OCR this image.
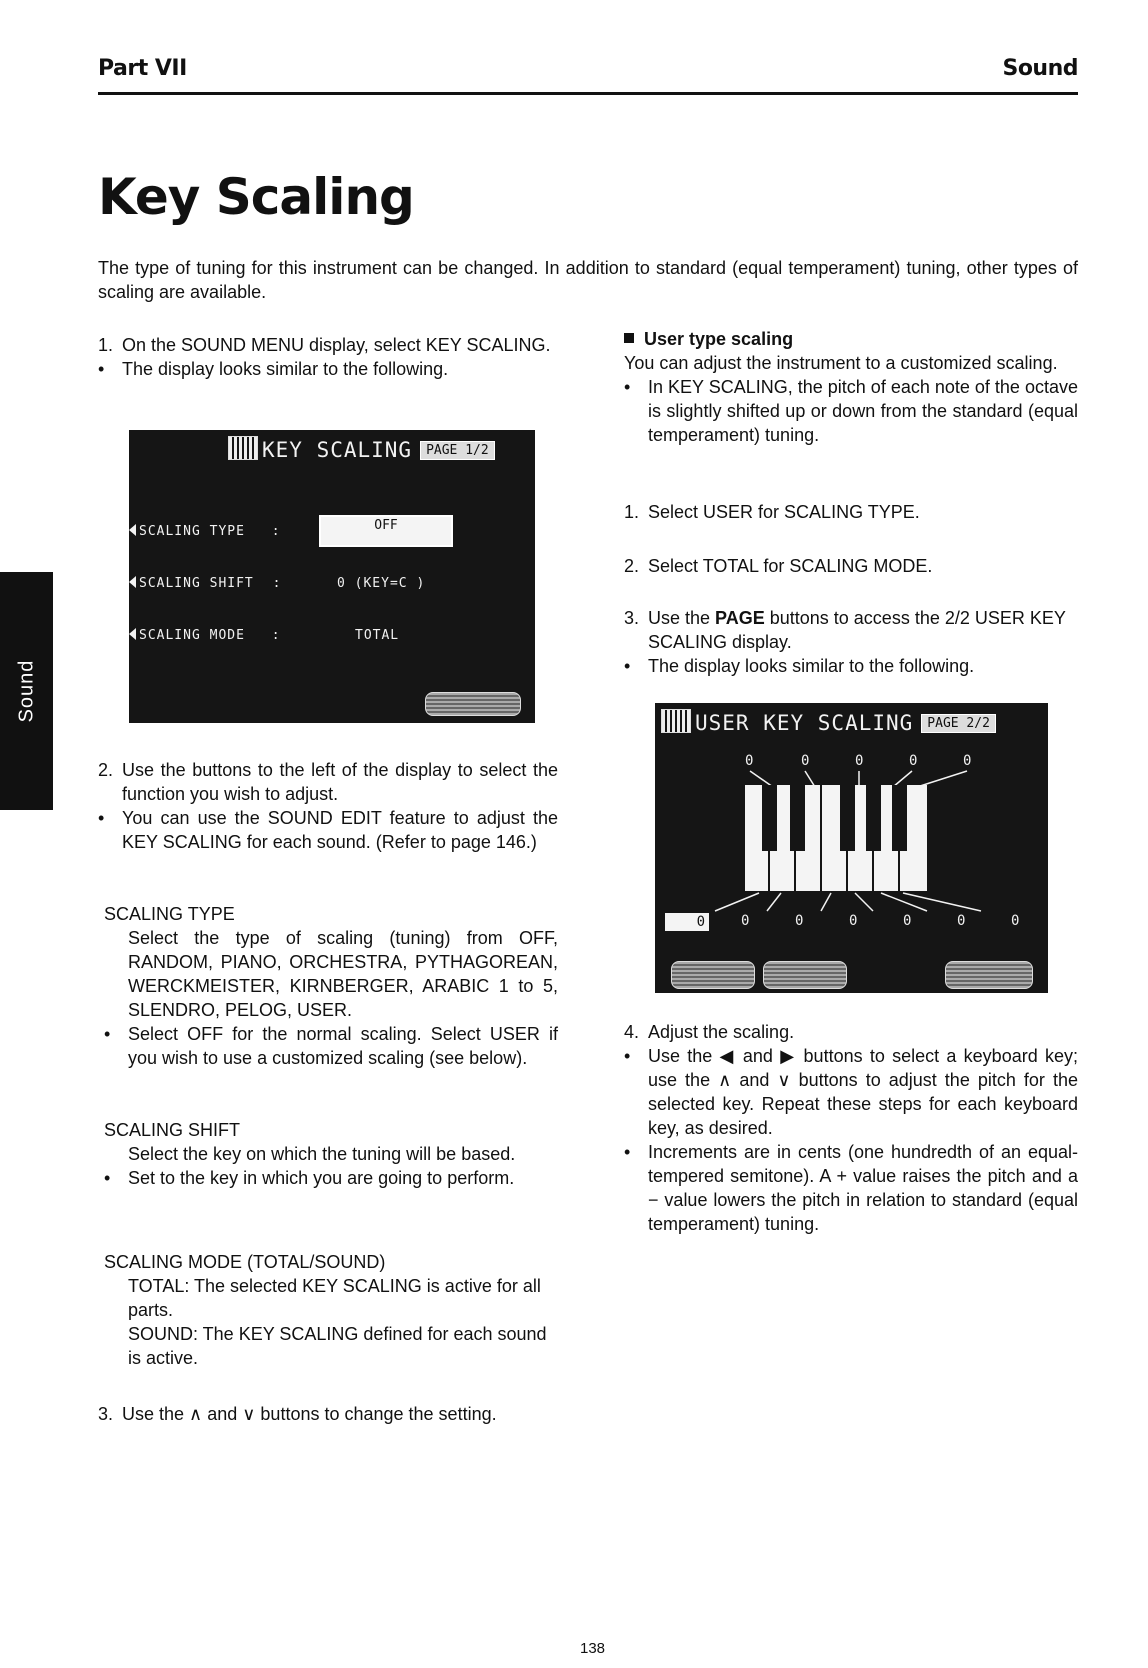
Part VII	Sound
Key Scaling
Sound
The type of tuning for this instrument can be changed. In addition to standard (equal temperament) tuning, other types of scaling are available.
1. On the SOUND MENU display, select KEY SCALING.
• The display looks similar to the following.
KEY SCALING PAGE 1/2
SCALING TYPE :	OFF
SCALING SHIFT :	0 (KEY=C )
SCALING MODE :	TOTAL
2. Use the buttons to the left of the display to select the function you wish to adjust.
• You can use the SOUND EDIT feature to adjust the KEY SCALING for each sound. (Refer to page 146.)
SCALING TYPE
Select the type of scaling (tuning) from OFF, RANDOM, PIANO, ORCHESTRA, PYTHAGOREAN, WERCKMEISTER, KIRNBERGER, ARABIC 1 to 5, SLENDRO, PELOG, USER.
• Select OFF for the normal scaling. Select USER if you wish to use a customized scaling (see below).
SCALING SHIFT
Select the key on which the tuning will be based.
• Set to the key in which you are going to perform.
SCALING MODE (TOTAL/SOUND)
TOTAL: The selected KEY SCALING is active for all parts.
SOUND: The KEY SCALING defined for each sound is active.
3. Use the ∧ and ∨ buttons to change the setting.
User type scaling
You can adjust the instrument to a customized scaling.
• In KEY SCALING, the pitch of each note of the octave is slightly shifted up or down from the standard (equal temperament) tuning.
1. Select USER for SCALING TYPE.
2. Select TOTAL for SCALING MODE.
3. Use the PAGE buttons to access the 2/2 USER KEY SCALING display.
• The display looks similar to the following.
USER KEY SCALING PAGE 2/2
0	0	0	0	0
0	0	0	0	0	0	0
4. Adjust the scaling.
• Use the ◀ and ▶ buttons to select a keyboard key; use the ∧ and ∨ buttons to adjust the pitch for the selected key. Repeat these steps for each keyboard key, as desired.
• Increments are in cents (one hundredth of an equal-tempered semitone). A + value raises the pitch and a − value lowers the pitch in relation to standard (equal temperament) tuning.
138
